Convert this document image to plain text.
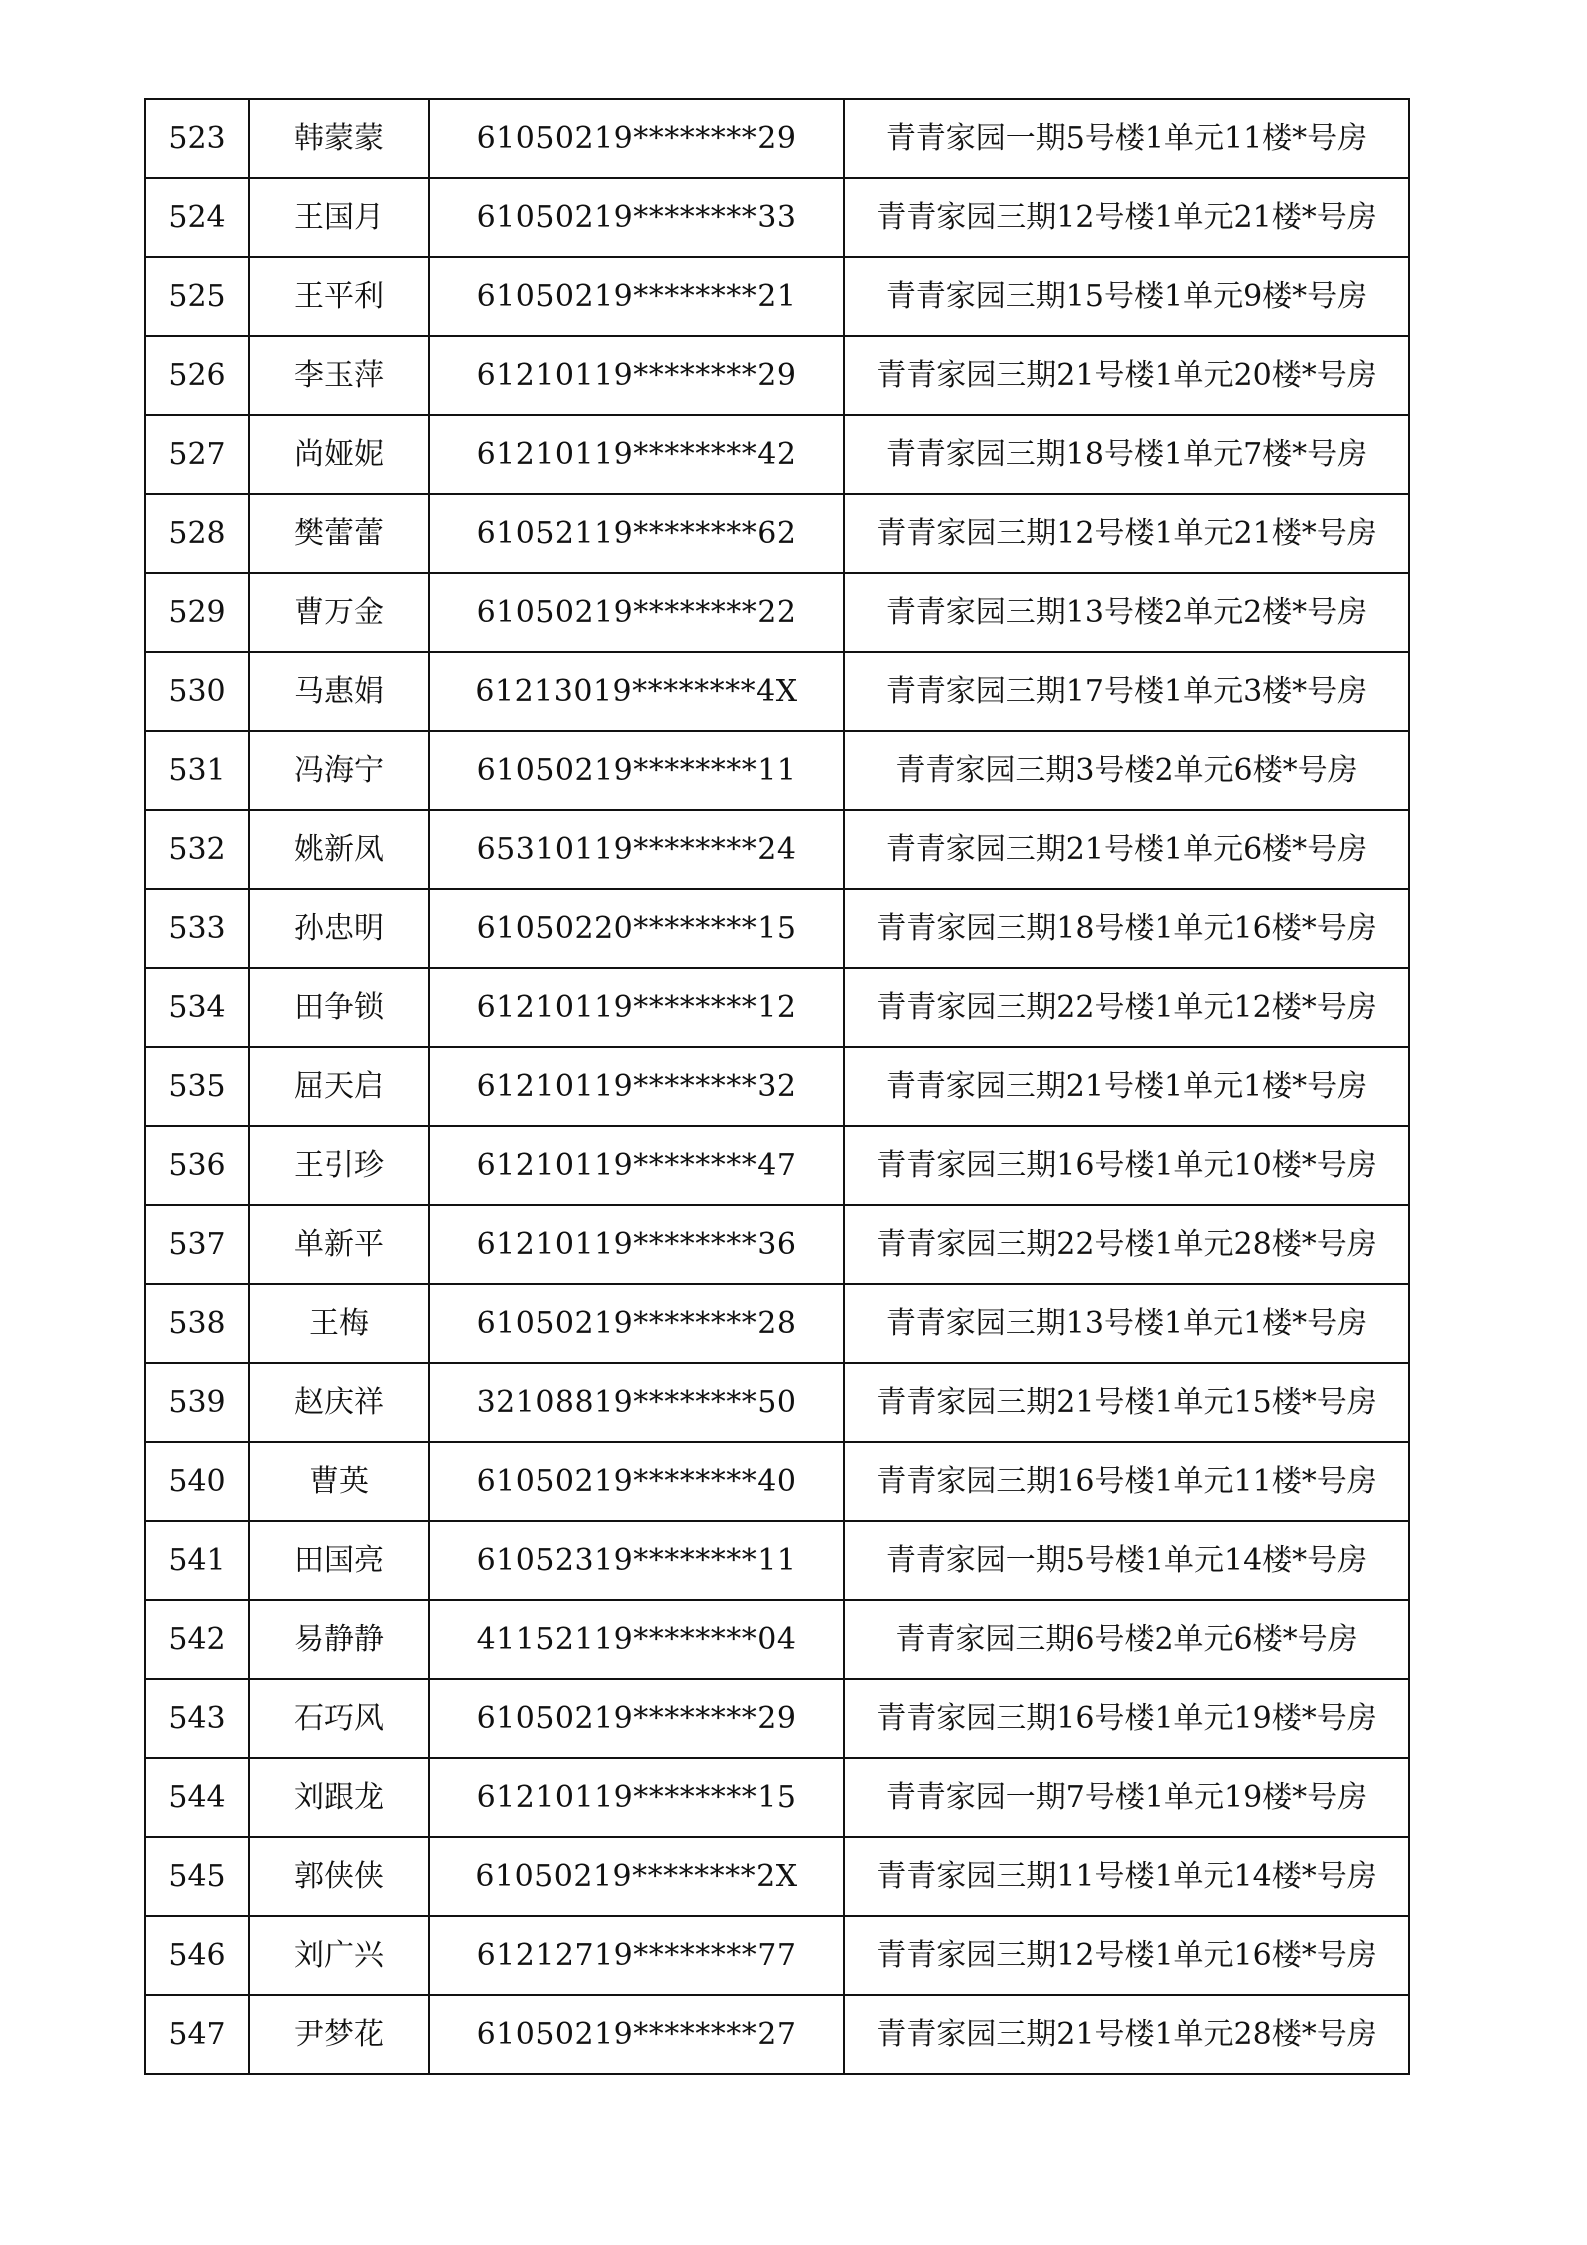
523	韩蒙蒙	61050219********29	青青家园一期5号楼1单元11楼*号房
524	王国月	61050219********33	青青家园三期12号楼1单元21楼*号房
525	王平利	61050219********21	青青家园三期15号楼1单元9楼*号房
526	李玉萍	61210119********29	青青家园三期21号楼1单元20楼*号房
527	尚娅妮	61210119********42	青青家园三期18号楼1单元7楼*号房
528	樊蕾蕾	61052119********62	青青家园三期12号楼1单元21楼*号房
529	曹万金	61050219********22	青青家园三期13号楼2单元2楼*号房
530	马惠娟	61213019********4X	青青家园三期17号楼1单元3楼*号房
531	冯海宁	61050219********11	青青家园三期3号楼2单元6楼*号房
532	姚新凤	65310119********24	青青家园三期21号楼1单元6楼*号房
533	孙忠明	61050220********15	青青家园三期18号楼1单元16楼*号房
534	田争锁	61210119********12	青青家园三期22号楼1单元12楼*号房
535	屈天启	61210119********32	青青家园三期21号楼1单元1楼*号房
536	王引珍	61210119********47	青青家园三期16号楼1单元10楼*号房
537	单新平	61210119********36	青青家园三期22号楼1单元28楼*号房
538	王梅	61050219********28	青青家园三期13号楼1单元1楼*号房
539	赵庆祥	32108819********50	青青家园三期21号楼1单元15楼*号房
540	曹英	61050219********40	青青家园三期16号楼1单元11楼*号房
541	田国亮	61052319********11	青青家园一期5号楼1单元14楼*号房
542	易静静	41152119********04	青青家园三期6号楼2单元6楼*号房
543	石巧风	61050219********29	青青家园三期16号楼1单元19楼*号房
544	刘跟龙	61210119********15	青青家园一期7号楼1单元19楼*号房
545	郭侠侠	61050219********2X	青青家园三期11号楼1单元14楼*号房
546	刘广兴	61212719********77	青青家园三期12号楼1单元16楼*号房
547	尹梦花	61050219********27	青青家园三期21号楼1单元28楼*号房
